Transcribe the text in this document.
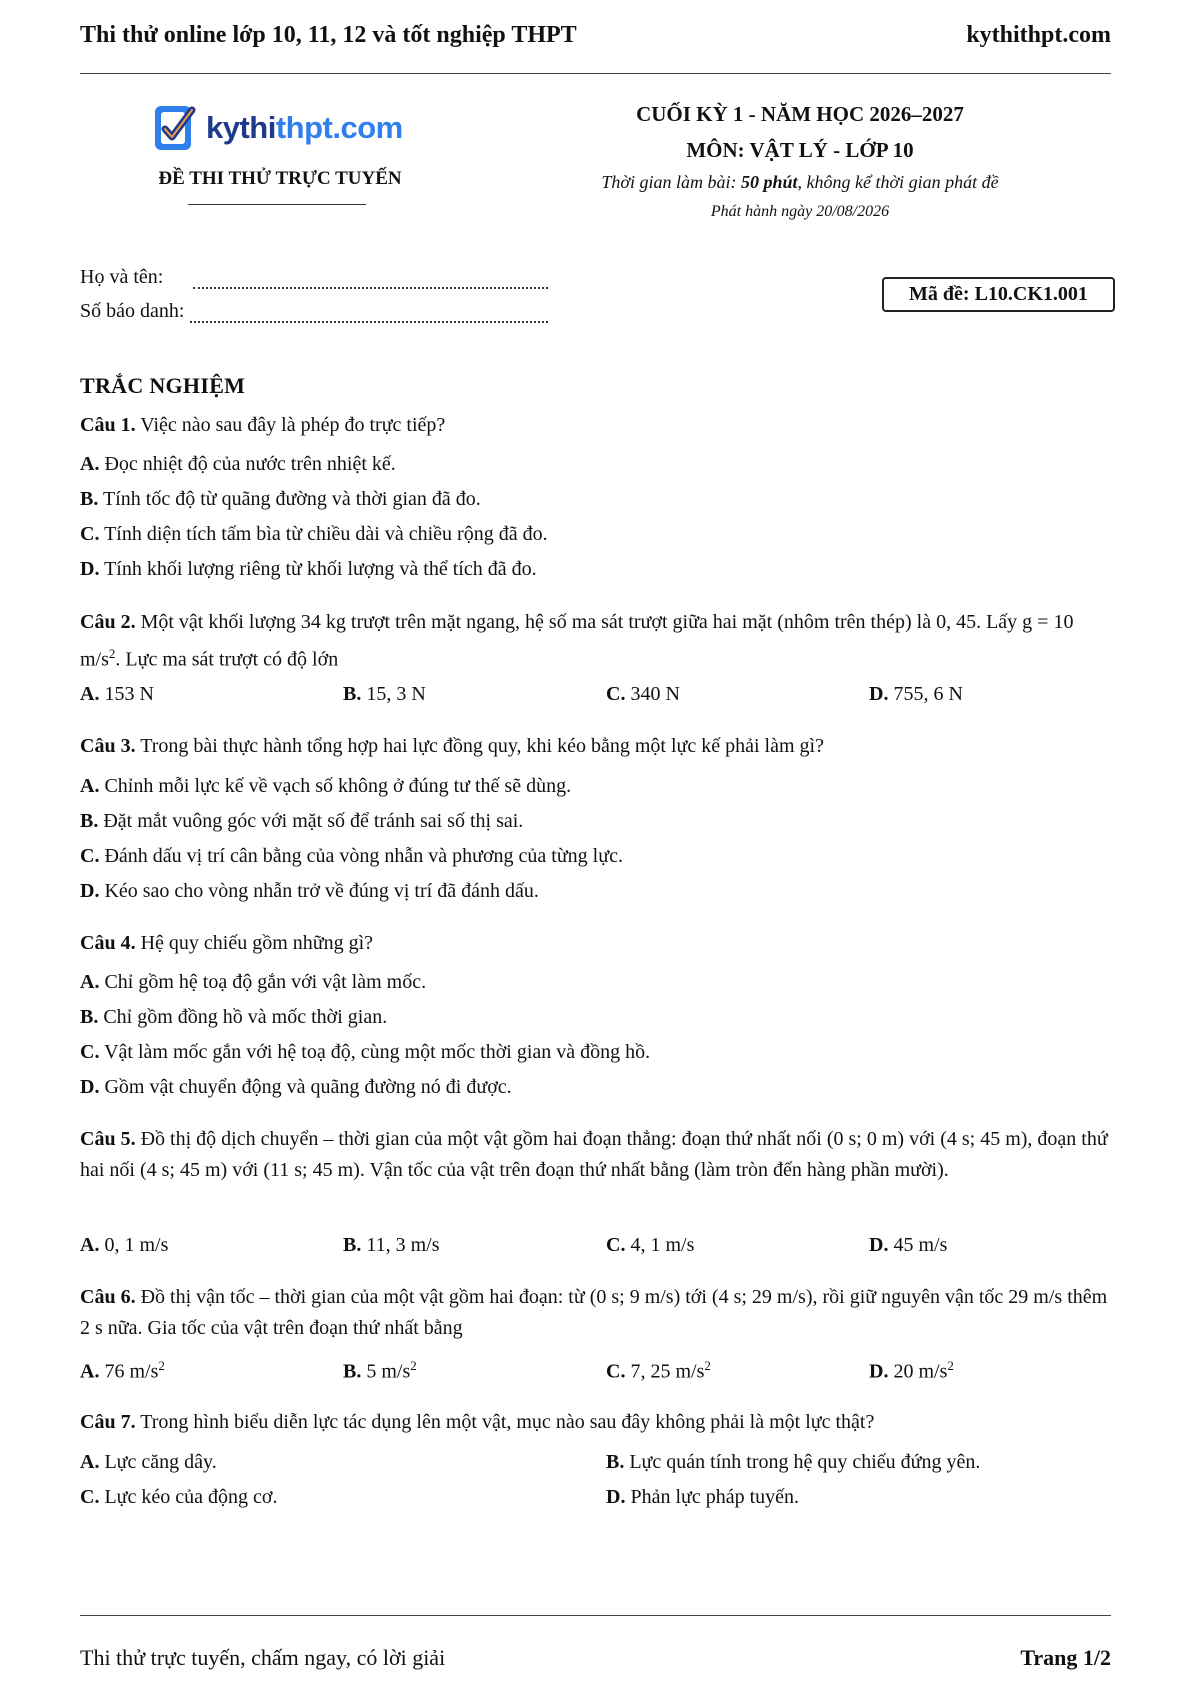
Thi thử online lớp 10, 11, 12 và tốt nghiệp THPT	kythithpt.com
kythithpt.com
ĐỀ THI THỬ TRỰC TUYẾN
CUỐI KỲ 1 - NĂM HỌC 2026–2027
MÔN: VẬT LÝ - LỚP 10
Thời gian làm bài: 50 phút, không kể thời gian phát đề
Phát hành ngày 20/08/2026
Họ và tên:
Số báo danh:
Mã đề: L10.CK1.001
TRẮC NGHIỆM
Câu 1. Việc nào sau đây là phép đo trực tiếp?
A. Đọc nhiệt độ của nước trên nhiệt kế.
B. Tính tốc độ từ quãng đường và thời gian đã đo.
C. Tính diện tích tấm bìa từ chiều dài và chiều rộng đã đo.
D. Tính khối lượng riêng từ khối lượng và thể tích đã đo.
Câu 2. Một vật khối lượng 34 kg trượt trên mặt ngang, hệ số ma sát trượt giữa hai mặt (nhôm trên thép) là 0, 45. Lấy g = 10 $m/s^2$. Lực ma sát trượt có độ lớn
A. 153 N	B. 15, 3 N	C. 340 N	D. 755, 6 N
Câu 3. Trong bài thực hành tổng hợp hai lực đồng quy, khi kéo bằng một lực kế phải làm gì?
A. Chỉnh mỗi lực kế về vạch số không ở đúng tư thế sẽ dùng.
B. Đặt mắt vuông góc với mặt số để tránh sai số thị sai.
C. Đánh dấu vị trí cân bằng của vòng nhẫn và phương của từng lực.
D. Kéo sao cho vòng nhẫn trở về đúng vị trí đã đánh dấu.
Câu 4. Hệ quy chiếu gồm những gì?
A. Chỉ gồm hệ toạ độ gắn với vật làm mốc.
B. Chỉ gồm đồng hồ và mốc thời gian.
C. Vật làm mốc gắn với hệ toạ độ, cùng một mốc thời gian và đồng hồ.
D. Gồm vật chuyển động và quãng đường nó đi được.
Câu 5. Đồ thị độ dịch chuyển – thời gian của một vật gồm hai đoạn thẳng: đoạn thứ nhất nối (0 s; 0 m) với (4 s; 45 m), đoạn thứ hai nối (4 s; 45 m) với (11 s; 45 m). Vận tốc của vật trên đoạn thứ nhất bằng (làm tròn đến hàng phần mười).
A. 0, 1 m/s	B. 11, 3 m/s	C. 4, 1 m/s	D. 45 m/s
Câu 6. Đồ thị vận tốc – thời gian của một vật gồm hai đoạn: từ (0 s; 9 m/s) tới (4 s; 29 m/s), rồi giữ nguyên vận tốc 29 m/s thêm 2 s nữa. Gia tốc của vật trên đoạn thứ nhất bằng
A. 76 $m/s^2$	B. 5 $m/s^2$	C. 7, 25 $m/s^2$	D. 20 $m/s^2$
Câu 7. Trong hình biểu diễn lực tác dụng lên một vật, mục nào sau đây không phải là một lực thật?
A. Lực căng dây.	B. Lực quán tính trong hệ quy chiếu đứng yên.
C. Lực kéo của động cơ.	D. Phản lực pháp tuyến.
Thi thử trực tuyến, chấm ngay, có lời giải	Trang 1/2
